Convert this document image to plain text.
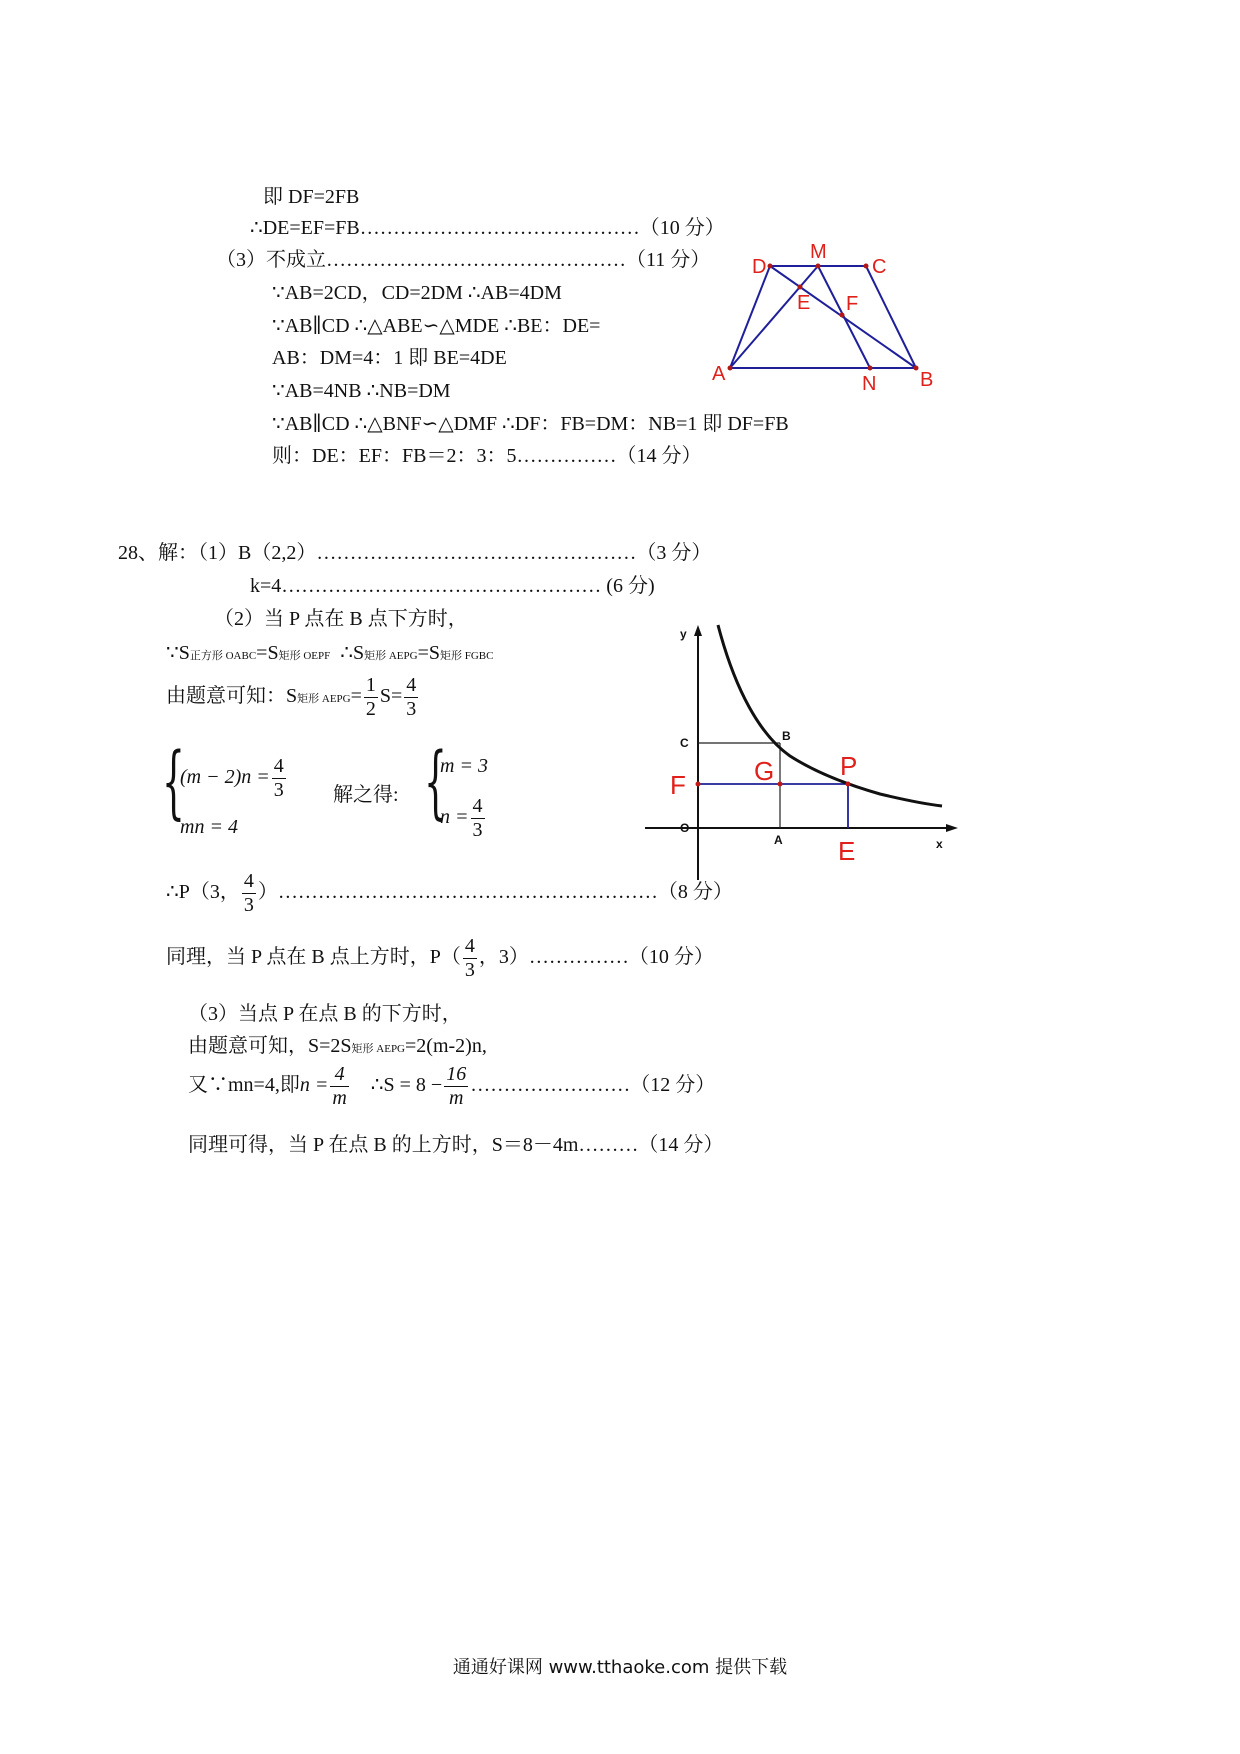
即 DF=2FB
∴DE=EF=FB……………………………………（10 分）
（3）不成立………………………………………（11 分）
∵AB=2CD，CD=2DM ∴AB=4DM
∵AB∥CD ∴△ABE∽△MDE ∴BE：DE=
AB：DM=4：1 即 BE=4DE
∵AB=4NB ∴NB=DM
∵AB∥CD ∴△BNF∽△DMF ∴DF：FB=DM：NB=1 即 DF=FB
则：DE：EF：FB＝2：3：5……………（14 分）
D
M
C
E F
A	N B
28、解：（1）B（2,2）…………………………………………（3 分）
k=4………………………………………… (6 分)
（2）当 P 点在 B 点下方时，
∵S正方形 OABC=S矩形 OEPF ∴S矩形 AEPG=S矩形 FGBC
由题意可知：S矩形 AEPG= $\frac{1}{2} S= \frac{4}{3}$
{
$(m - 2)n = \frac{4}{3}$
mn = 4
解之得: {
m = 3
$n = \frac{4}{3}$
∴P（3， $\frac{4}{3}$ ）…………………………………………………（8 分）
同理，当 P 点在 B 点上方时，$P( \frac{4}{3}$ ，3）……………（10 分）
（3）当点 P 在点 B 的下方时，
由题意可知，S=2S矩形 AEPG=2(m-2)n,
又∵mn=4,即$n = \frac{4}{m}$ ∴S = $8 - \frac{16}{m}$ ……………………（12 分）
同理可得，当 P 在点 B 的上方时，S＝8－4m………（14 分）
y
x
C	B
O
A
F	G	P
E
通通好课网 www.tthaoke.com 提供下载
